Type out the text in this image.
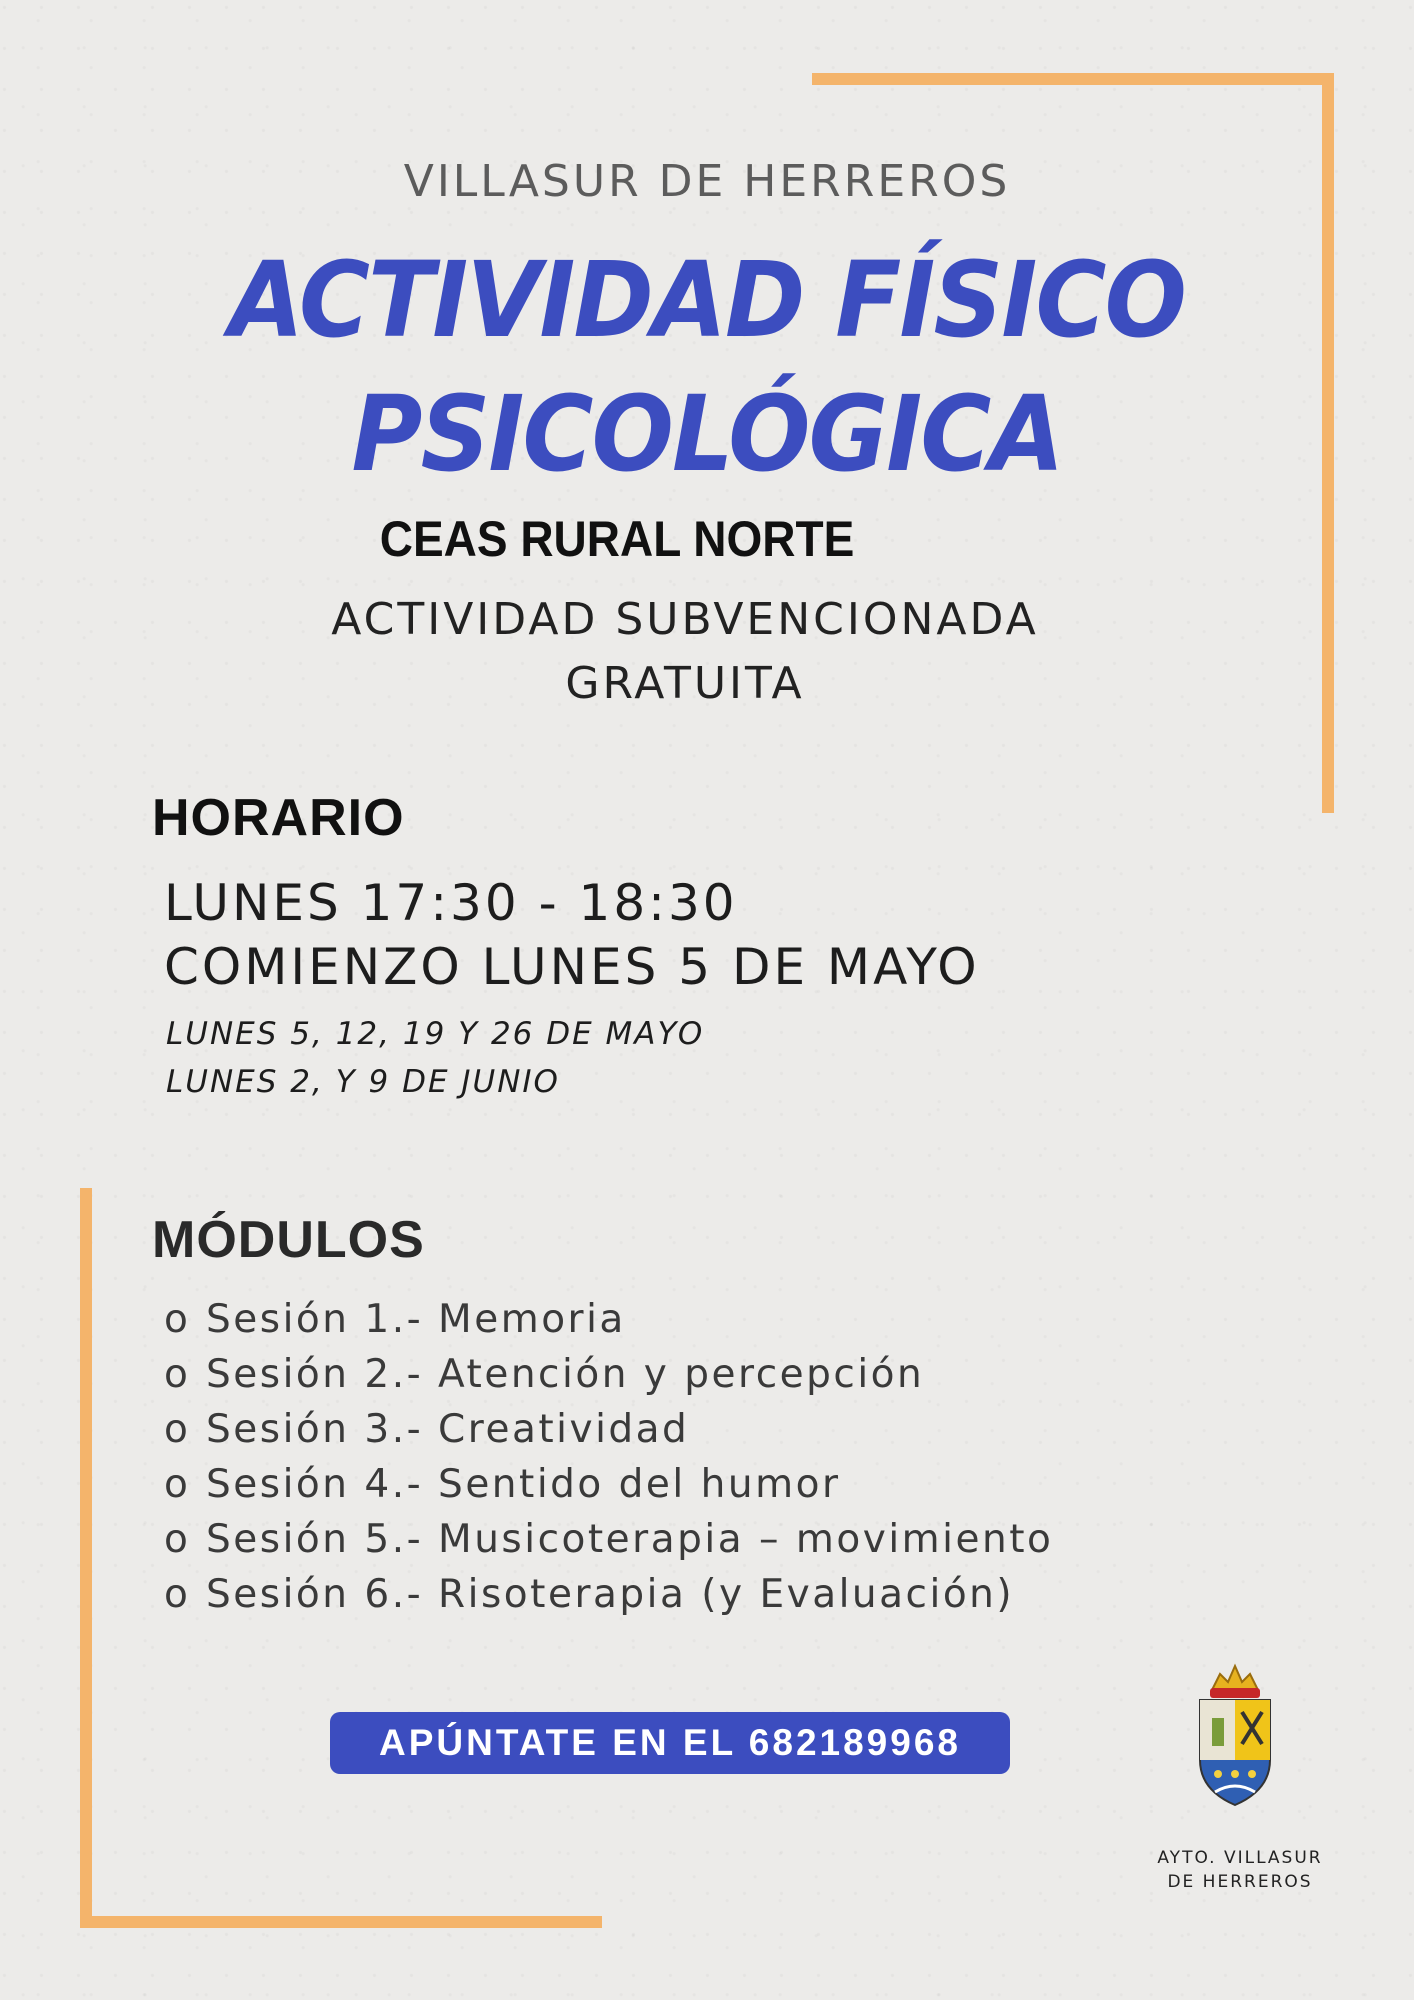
VILLASUR DE HERREROS

ACTIVIDAD FÍSICO
PSICOLÓGICA

CEAS RURAL NORTE

ACTIVIDAD SUBVENCIONADA

GRATUITA

HORARIO

LUNES 17:30 - 18:30

COMIENZO LUNES 5 DE MAYO

LUNES 5, 12, 19 Y 26 DE MAYO

LUNES 2, Y 9 DE JUNIO

MÓDULOS
o Sesión 1.- Memoria
o Sesión 2.- Atención y percepción
o Sesión 3.- Creatividad
o Sesión 4.- Sentido del humor
o Sesión 5.- Musicoterapia – movimiento
o Sesión 6.- Risoterapia (y Evaluación)
APÚNTATE EN EL 682189968

AYTO. VILLASUR

DE HERREROS
